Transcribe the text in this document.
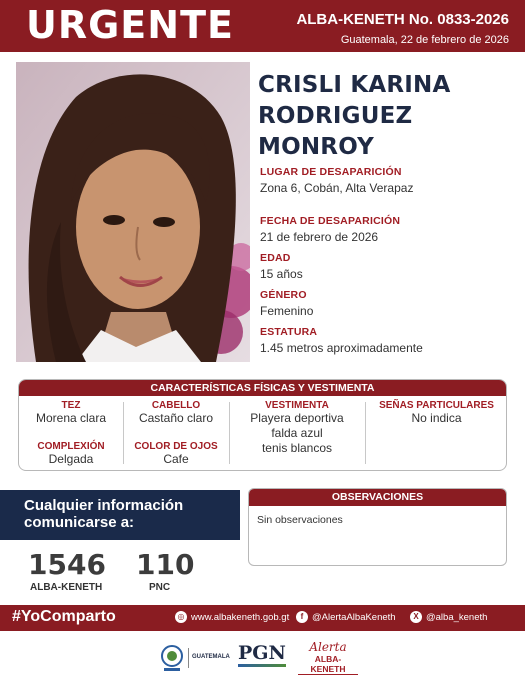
URGENTE	ALBA-KENETH No. 0833-2026
Guatemala, 22 de febrero de 2026
CRISLI KARINA
RODRIGUEZ MONROY
LUGAR DE DESAPARICIÓN
Zona 6, Cobán, Alta Verapaz
FECHA DE DESAPARICIÓN
21 de febrero de 2026
EDAD
15 años
GÉNERO
Femenino
ESTATURA
1.45 metros aproximadamente
CARACTERÍSTICAS FÍSICAS Y VESTIMENTA
TEZ
Morena clara
COMPLEXIÓN
Delgada
CABELLO
Castaño claro
COLOR DE OJOS
Cafe
VESTIMENTA
Playera deportiva
falda azul
tenis blancos
SEÑAS PARTICULARES
No indica
Cualquier información
comunicarse a:
1546
ALBA-KENETH
110
PNC
OBSERVACIONES
Sin observaciones
#YoComparto	◎ www.albakeneth.gob.gt	f @AlertaAlbaKeneth	X @alba_keneth
GUATEMALA PGN	Alerta
ALBA-KENETH
